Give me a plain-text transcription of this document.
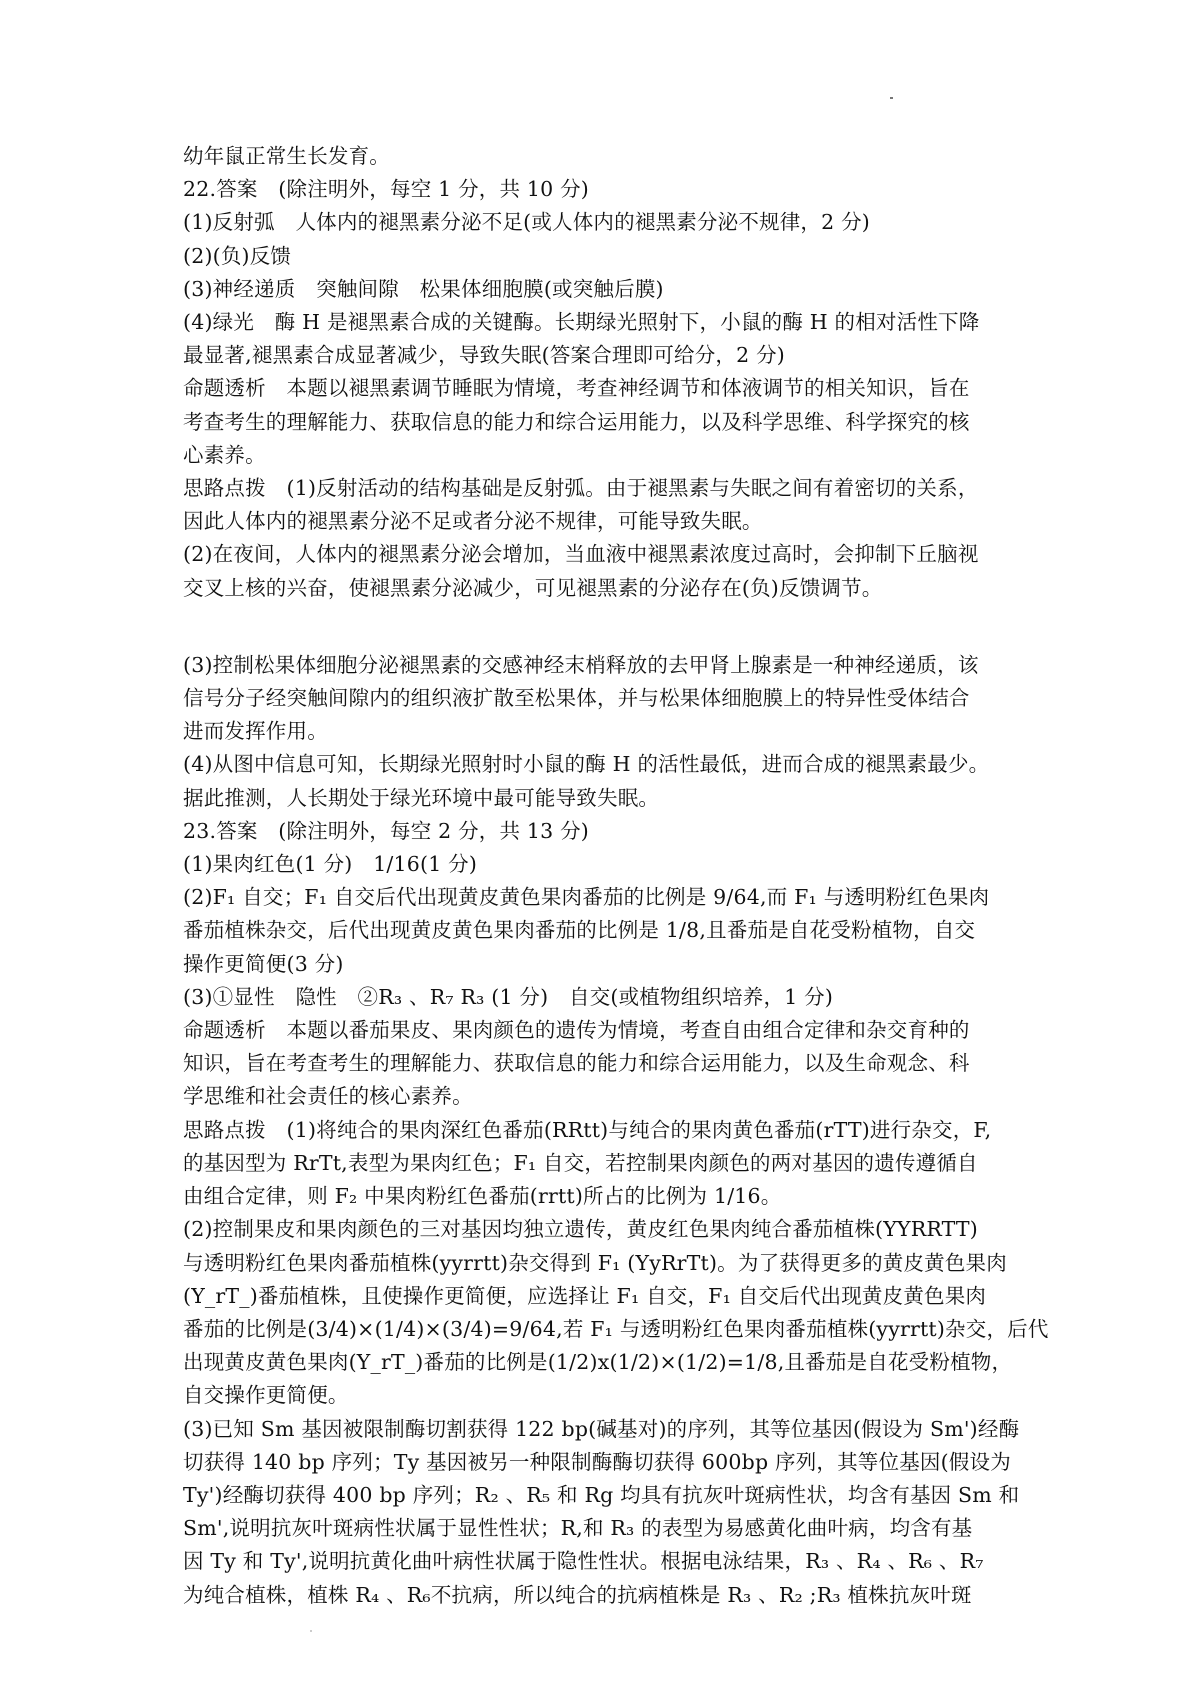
幼年鼠正常生长发育。
22.答案　(除注明外，每空 1 分，共 10 分)
(1)反射弧　人体内的褪黑素分泌不足(或人体内的褪黑素分泌不规律，2 分)
(2)(负)反馈
(3)神经递质　突触间隙　松果体细胞膜(或突触后膜)
(4)绿光　酶 H 是褪黑素合成的关键酶。长期绿光照射下，小鼠的酶 H 的相对活性下降
最显著,褪黑素合成显著减少，导致失眠(答案合理即可给分，2 分)
命题透析　本题以褪黑素调节睡眠为情境，考查神经调节和体液调节的相关知识，旨在
考查考生的理解能力、获取信息的能力和综合运用能力，以及科学思维、科学探究的核
心素养。
思路点拨　(1)反射活动的结构基础是反射弧。由于褪黑素与失眠之间有着密切的关系，
因此人体内的褪黑素分泌不足或者分泌不规律，可能导致失眠。
(2)在夜间，人体内的褪黑素分泌会增加，当血液中褪黑素浓度过高时，会抑制下丘脑视
交叉上核的兴奋，使褪黑素分泌减少，可见褪黑素的分泌存在(负)反馈调节。
(3)控制松果体细胞分泌褪黑素的交感神经末梢释放的去甲肾上腺素是一种神经递质，该
信号分子经突触间隙内的组织液扩散至松果体，并与松果体细胞膜上的特异性受体结合
进而发挥作用。
(4)从图中信息可知，长期绿光照射时小鼠的酶 H 的活性最低，进而合成的褪黑素最少。
据此推测，人长期处于绿光环境中最可能导致失眠。
23.答案　(除注明外，每空 2 分，共 13 分)
(1)果肉红色(1 分)　1/16(1 分)
(2)F₁ 自交；F₁ 自交后代出现黄皮黄色果肉番茄的比例是 9/64,而 F₁ 与透明粉红色果肉
番茄植株杂交，后代出现黄皮黄色果肉番茄的比例是 1/8,且番茄是自花受粉植物，自交
操作更简便(3 分)
(3)①显性　隐性　②R₃ 、R₇ R₃ (1 分)　自交(或植物组织培养，1 分)
命题透析　本题以番茄果皮、果肉颜色的遗传为情境，考查自由组合定律和杂交育种的
知识，旨在考查考生的理解能力、获取信息的能力和综合运用能力，以及生命观念、科
学思维和社会责任的核心素养。
思路点拨　(1)将纯合的果肉深红色番茄(RRtt)与纯合的果肉黄色番茄(rTT)进行杂交，F,
的基因型为 RrTt,表型为果肉红色；F₁ 自交，若控制果肉颜色的两对基因的遗传遵循自
由组合定律，则 F₂ 中果肉粉红色番茄(rrtt)所占的比例为 1/16。
(2)控制果皮和果肉颜色的三对基因均独立遗传，黄皮红色果肉纯合番茄植株(YYRRTT)
与透明粉红色果肉番茄植株(yyrrtt)杂交得到 F₁ (YyRrTt)。为了获得更多的黄皮黄色果肉
(Y_rT_)番茄植株，且使操作更简便，应选择让 F₁ 自交，F₁ 自交后代出现黄皮黄色果肉
番茄的比例是(3/4)×(1/4)×(3/4)=9/64,若 F₁ 与透明粉红色果肉番茄植株(yyrrtt)杂交，后代
出现黄皮黄色果肉(Y_rT_)番茄的比例是(1/2)x(1/2)×(1/2)=1/8,且番茄是自花受粉植物，
自交操作更简便。
(3)已知 Sm 基因被限制酶切割获得 122 bp(碱基对)的序列，其等位基因(假设为 Sm')经酶
切获得 140 bp 序列；Ty 基因被另一种限制酶酶切获得 600bp 序列，其等位基因(假设为
Ty')经酶切获得 400 bp 序列；R₂ 、R₅ 和 Rg 均具有抗灰叶斑病性状，均含有基因 Sm 和
Sm',说明抗灰叶斑病性状属于显性性状；R,和 R₃ 的表型为易感黄化曲叶病，均含有基
因 Ty 和 Ty',说明抗黄化曲叶病性状属于隐性性状。根据电泳结果，R₃ 、R₄ 、R₆ 、R₇
为纯合植株，植株 R₄ 、R₆不抗病，所以纯合的抗病植株是 R₃ 、R₂ ;R₃ 植株抗灰叶斑
